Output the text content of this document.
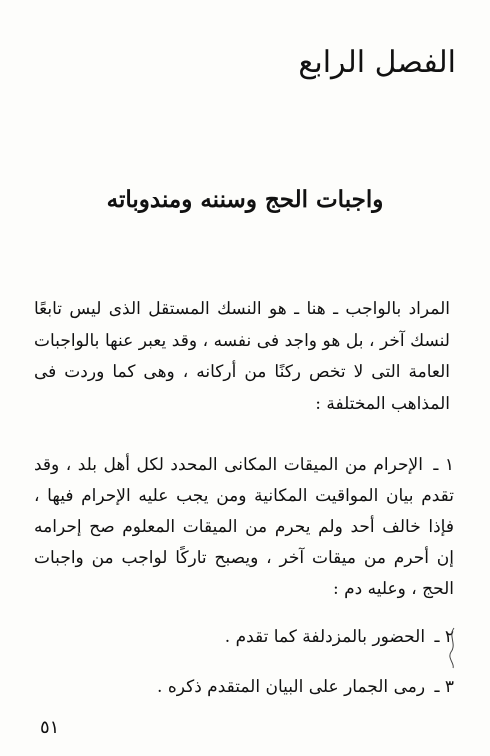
الفصل الرابع
واجبات الحج وسننه ومندوباته
المراد بالواجب ـ هنا ـ هو النسك المستقل الذى ليس تابعًا لنسك آخر ، بل هو واجد فى نفسه ، وقد يعبر عنها بالواجبات العامة التى لا تخص ركنًا من أركانه ، وهى كما وردت فى المذاهب المختلفة :
١ ـ الإحرام من الميقات المكانى المحدد لكل أهل بلد ، وقد تقدم بيان المواقيت المكانية ومن يجب عليه الإحرام فيها ، فإذا خالف أحد ولم يحرم من الميقات المعلوم صح إحرامه إن أحرم من ميقات آخر ، ويصبح تاركًا لواجب من واجبات الحج ، وعليه دم :
٢ ـ الحضور بالمزدلفة كما تقدم .
٣ ـ رمى الجمار على البيان المتقدم ذكره .
٥١
